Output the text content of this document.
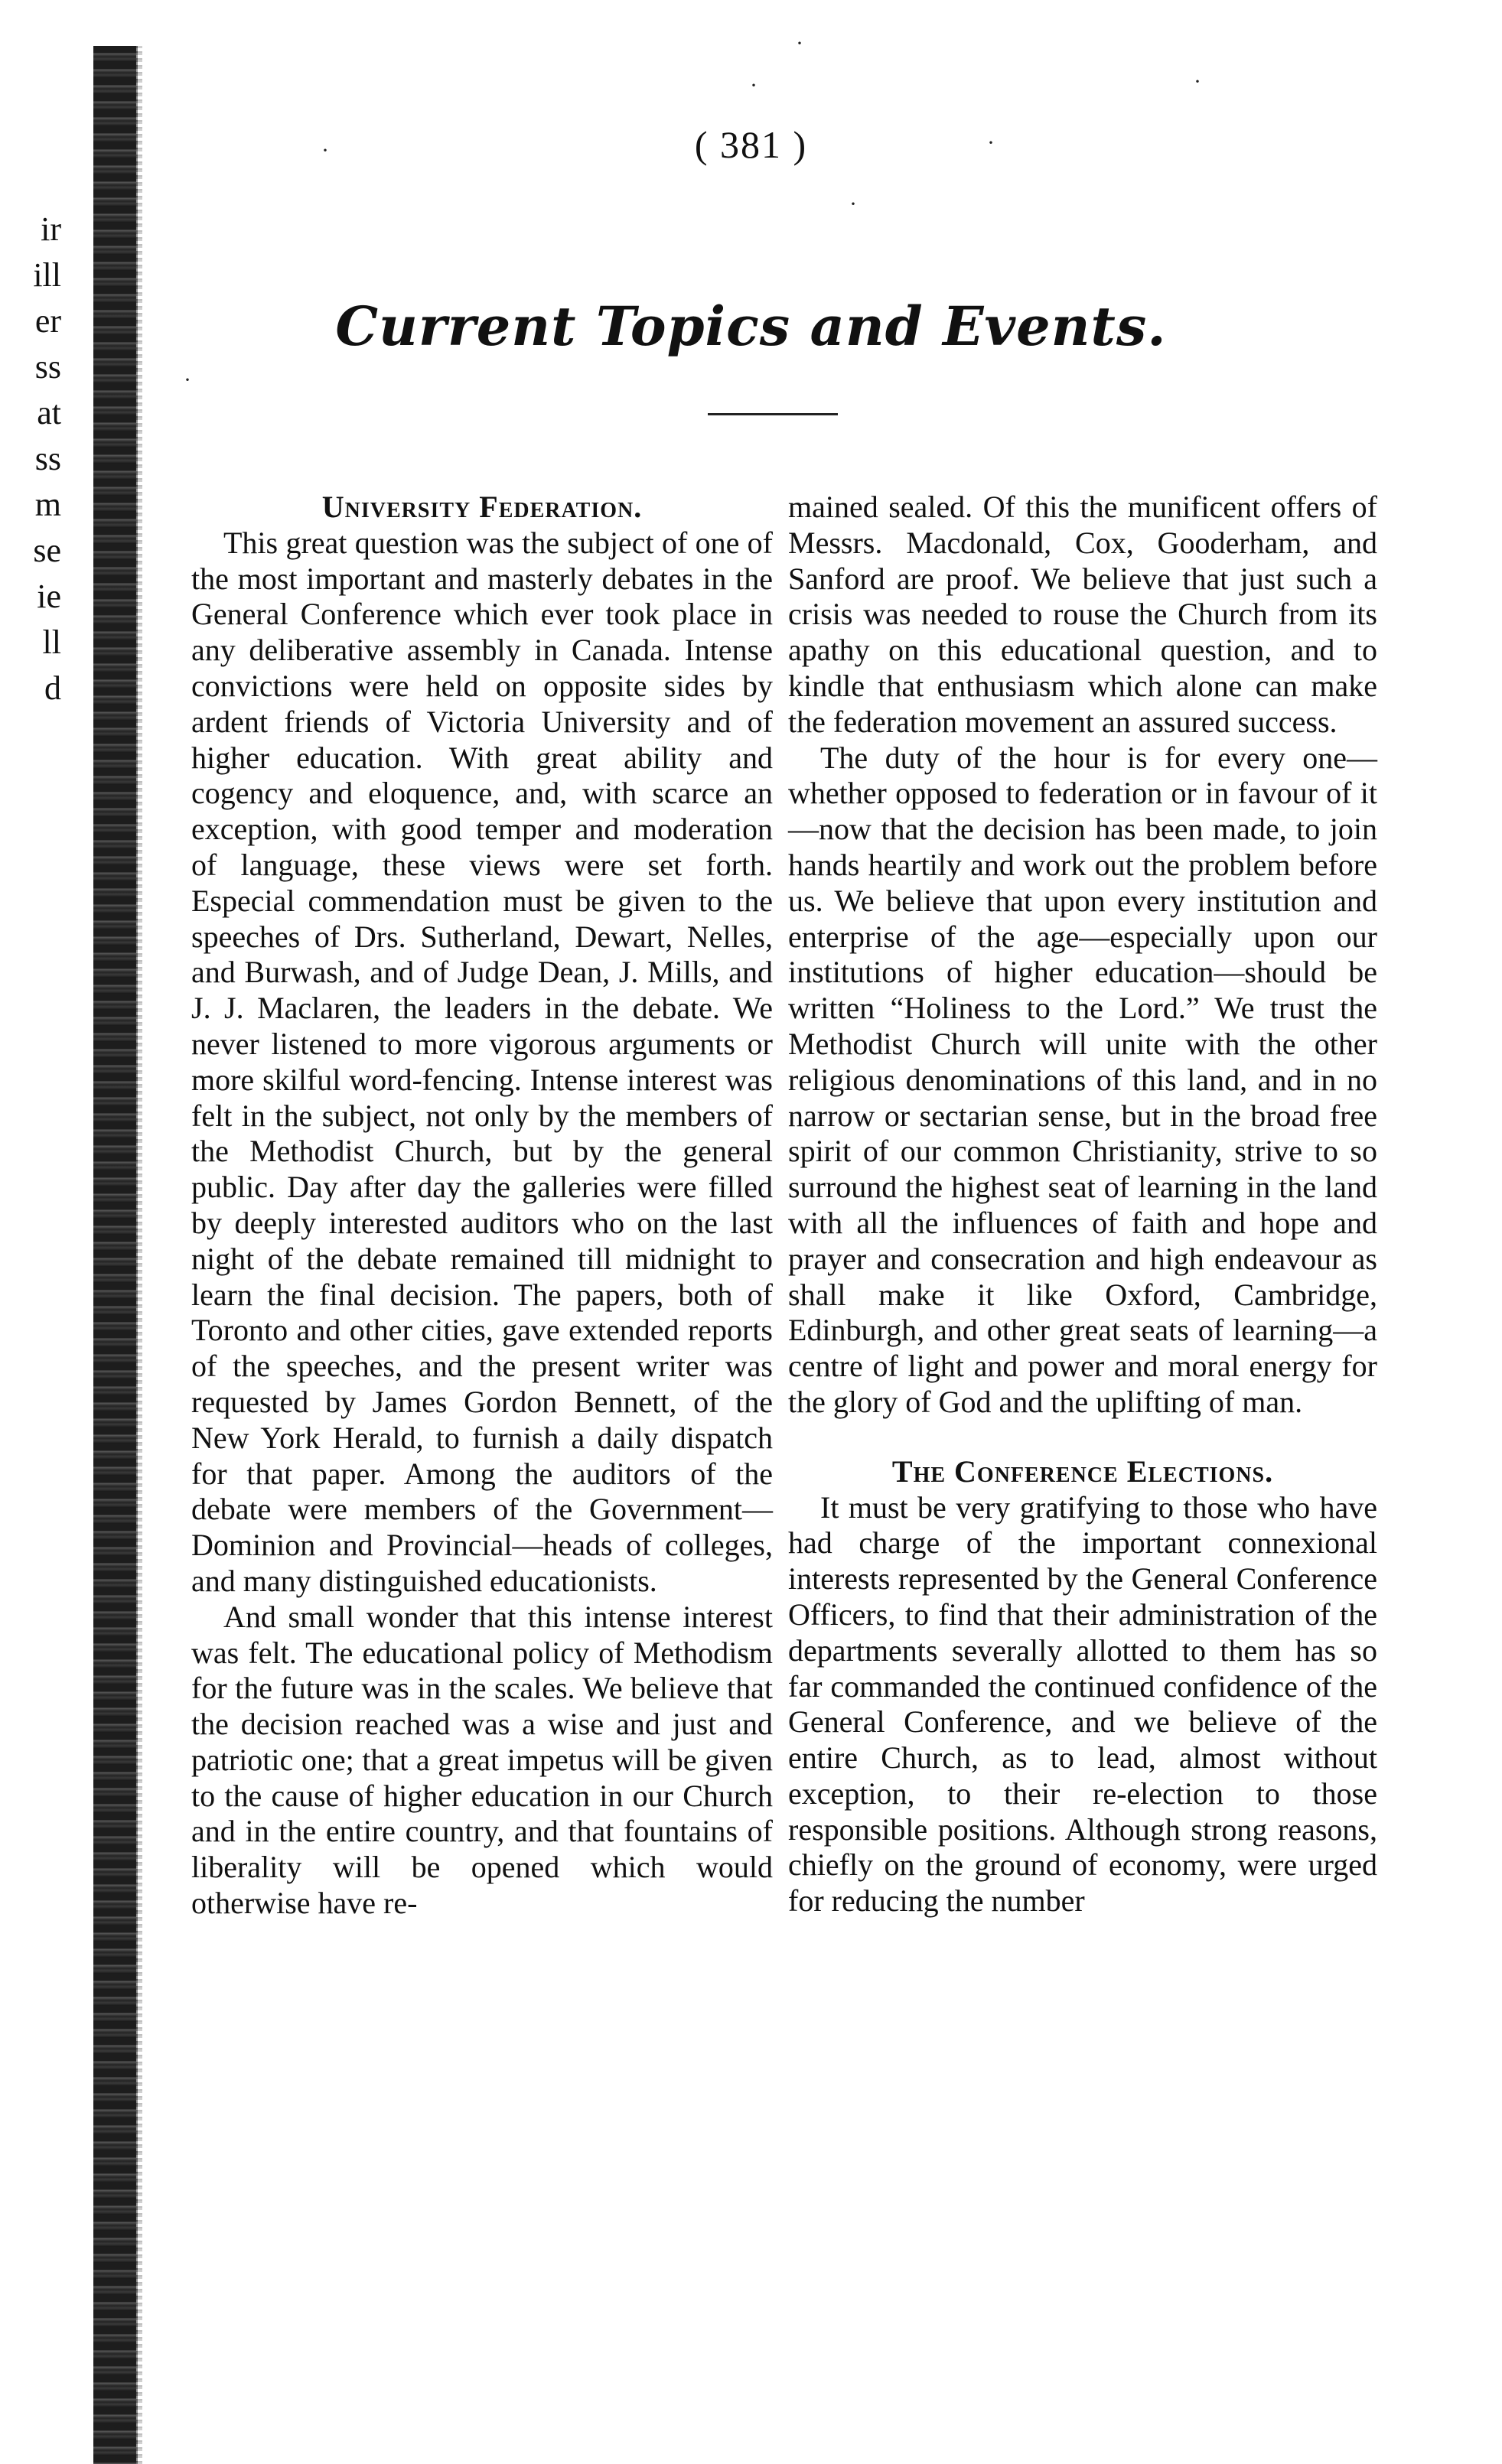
ir
ill
er
ss
at
ss
m
se
ie
ll
d
·
·
·
·
·
·
·
( 381 )
Current Topics and Events.
University Federation.

This great question was the subject of one of the most important and masterly debates in the General Conference which ever took place in any deliberative assembly in Canada. Intense convictions were held on opposite sides by ardent friends of Victoria University and of higher education. With great ability and cogency and eloquence, and, with scarce an exception, with good temper and moderation of language, these views were set forth. Especial commendation must be given to the speeches of Drs. Sutherland, Dewart, Nelles, and Burwash, and of Judge Dean, J. Mills, and J. J. Maclaren, the leaders in the debate. We never listened to more vigorous arguments or more skilful word-fencing. Intense interest was felt in the subject, not only by the members of the Methodist Church, but by the general public. Day after day the galleries were filled by deeply interested auditors who on the last night of the debate remained till midnight to learn the final decision. The papers, both of Toronto and other cities, gave extended reports of the speeches, and the present writer was requested by James Gordon Bennett, of the New York Herald, to furnish a daily dispatch for that paper. Among the auditors of the debate were members of the Government—Dominion and Provincial—heads of colleges, and many distinguished educationists.

And small wonder that this intense interest was felt. The educational policy of Methodism for the future was in the scales. We believe that the decision reached was a wise and just and patriotic one; that a great impetus will be given to the cause of higher education in our Church and in the entire country, and that fountains of liberality will be opened which would otherwise have re-

mained sealed. Of this the munificent offers of Messrs. Macdonald, Cox, Gooderham, and Sanford are proof. We believe that just such a crisis was needed to rouse the Church from its apathy on this educational question, and to kindle that enthusiasm which alone can make the federation movement an assured success.

The duty of the hour is for every one—whether opposed to federation or in favour of it—now that the decision has been made, to join hands heartily and work out the problem before us. We believe that upon every institution and enterprise of the age—especially upon our institutions of higher education—should be written “Holiness to the Lord.” We trust the Methodist Church will unite with the other religious denominations of this land, and in no narrow or sectarian sense, but in the broad free spirit of our common Christianity, strive to so surround the highest seat of learning in the land with all the influences of faith and hope and prayer and consecration and high endeavour as shall make it like Oxford, Cambridge, Edinburgh, and other great seats of learning—a centre of light and power and moral energy for the glory of God and the uplifting of man.

The Conference Elections.

It must be very gratifying to those who have had charge of the important connexional interests represented by the General Conference Officers, to find that their administration of the departments severally allotted to them has so far commanded the continued confidence of the General Conference, and we believe of the entire Church, as to lead, almost without exception, to their re-election to those responsible positions. Although strong reasons, chiefly on the ground of economy, were urged for reducing the number
